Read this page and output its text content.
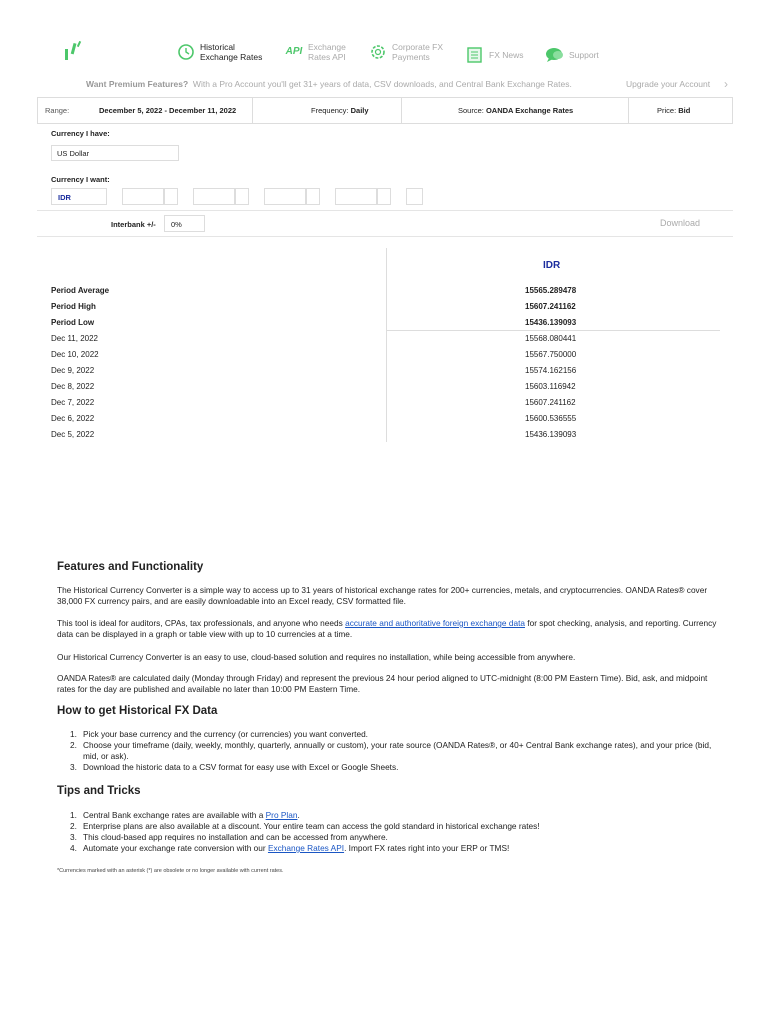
Historical
Exchange Rates API Exchange
Rates API
Corporate FX
Payments	FX News	Support
Want Premium Features? With a Pro Account you'll get 31+ years of data, CSV downloads, and Central Bank Exchange Rates.	Upgrade your Account ›
Range:	December 5, 2022 - December 11, 2022	Frequency: Daily	Source: OANDA Exchange Rates	Price: Bid
Currency I have:
US Dollar
Currency I want:
IDR
Interbank +/-	0%	Download
IDR
Period Average	15565.289478
Period High	15607.241162
Period Low	15436.139093
Dec 11, 2022	15568.080441
Dec 10, 2022	15567.750000
Dec 9, 2022	15574.162156
Dec 8, 2022	15603.116942
Dec 7, 2022	15607.241162
Dec 6, 2022	15600.536555
Dec 5, 2022	15436.139093
Features and Functionality
The Historical Currency Converter is a simple way to access up to 31 years of historical exchange rates for 200+ currencies, metals, and cryptocurrencies. OANDA Rates® cover 38,000 FX currency pairs, and are easily downloadable into an Excel ready, CSV formatted file.
This tool is ideal for auditors, CPAs, tax professionals, and anyone who needs accurate and authoritative foreign exchange data for spot checking, analysis, and reporting. Currency data can be displayed in a graph or table view with up to 10 currencies at a time.
Our Historical Currency Converter is an easy to use, cloud-based solution and requires no installation, while being accessible from anywhere.
OANDA Rates® are calculated daily (Monday through Friday) and represent the previous 24 hour period aligned to UTC-midnight (8:00 PM Eastern Time). Bid, ask, and midpoint rates for the day are published and available no later than 10:00 PM Eastern Time.
How to get Historical FX Data
1. Pick your base currency and the currency (or currencies) you want converted.
2. Choose your timeframe (daily, weekly, monthly, quarterly, annually or custom), your rate source (OANDA Rates®, or 40+ Central Bank exchange rates), and your price (bid, mid, or ask).
3. Download the historic data to a CSV format for easy use with Excel or Google Sheets.
Tips and Tricks
1. Central Bank exchange rates are available with a Pro Plan.
2. Enterprise plans are also available at a discount. Your entire team can access the gold standard in historical exchange rates!
3. This cloud-based app requires no installation and can be accessed from anywhere.
4. Automate your exchange rate conversion with our Exchange Rates API. Import FX rates right into your ERP or TMS!
*Currencies marked with an asterisk (*) are obsolete or no longer available with current rates.
